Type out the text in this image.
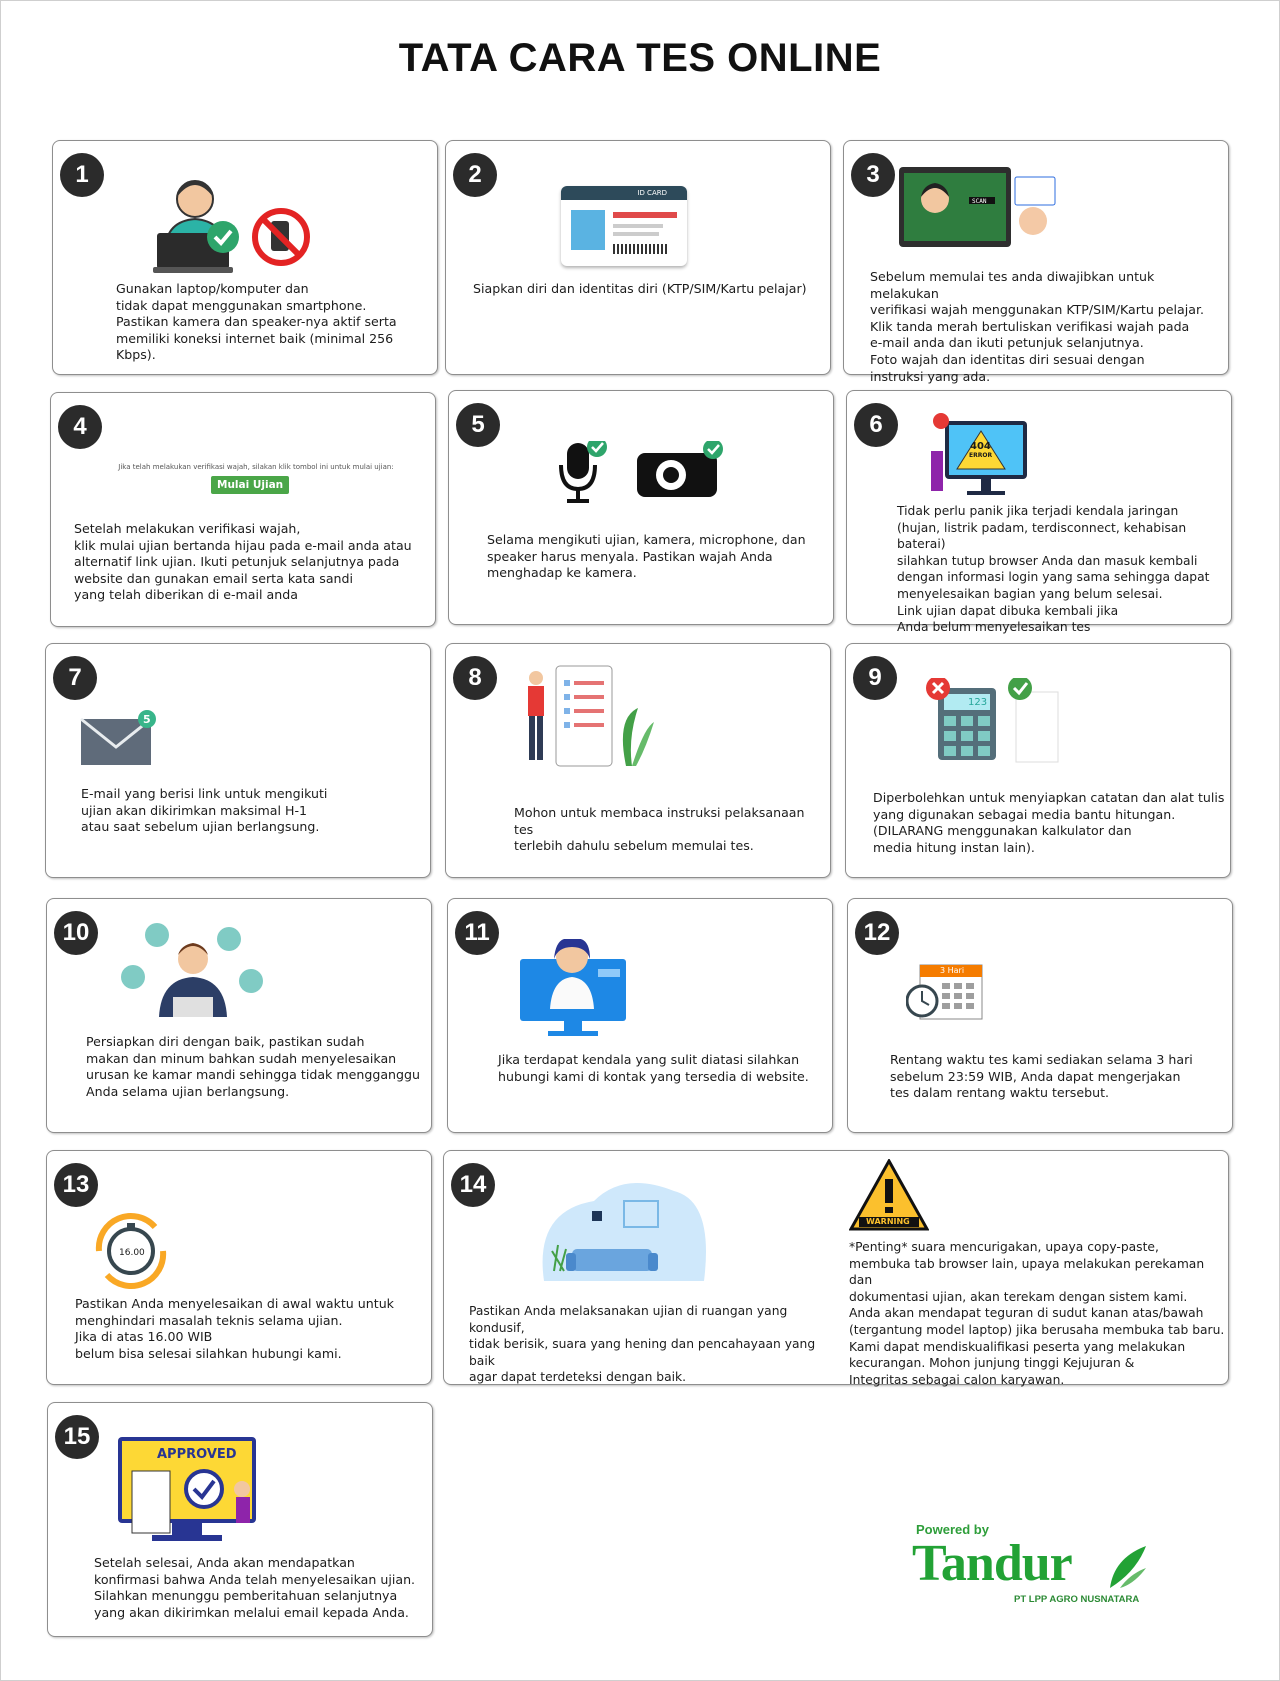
TATA CARA TES ONLINE
1
Gunakan laptop/komputer dan
tidak dapat menggunakan smartphone.
Pastikan kamera dan speaker-nya aktif serta
memiliki koneksi internet baik (minimal 256 Kbps).
2
ID CARD
Siapkan diri dan identitas diri (KTP/SIM/Kartu pelajar)
3
SCAN
Sebelum memulai tes anda diwajibkan untuk melakukan
verifikasi wajah menggunakan KTP/SIM/Kartu pelajar.
Klik tanda merah bertuliskan verifikasi wajah pada
e-mail anda dan ikuti petunjuk selanjutnya.
Foto wajah dan identitas diri sesuai dengan
instruksi yang ada.
4
Jika telah melakukan verifikasi wajah, silakan klik tombol ini untuk mulai ujian:
Mulai Ujian
Setelah melakukan verifikasi wajah,
klik mulai ujian bertanda hijau pada e-mail anda atau
alternatif link ujian. Ikuti petunjuk selanjutnya pada
website dan gunakan email serta kata sandi
yang telah diberikan di e-mail anda
5
Selama mengikuti ujian, kamera, microphone, dan
speaker harus menyala. Pastikan wajah Anda
menghadap ke kamera.
6
404
ERROR
Tidak perlu panik jika terjadi kendala jaringan
(hujan, listrik padam, terdisconnect, kehabisan baterai)
silahkan tutup browser Anda dan masuk kembali
dengan informasi login yang sama sehingga dapat
menyelesaikan bagian yang belum selesai.
Link ujian dapat dibuka kembali jika
Anda belum menyelesaikan tes
7
5
E-mail yang berisi link untuk mengikuti
ujian akan dikirimkan maksimal H-1
atau saat sebelum ujian berlangsung.
8
Mohon untuk membaca instruksi pelaksanaan tes
terlebih dahulu sebelum memulai tes.
9
123
Diperbolehkan untuk menyiapkan catatan dan alat tulis
yang digunakan sebagai media bantu hitungan.
(DILARANG menggunakan kalkulator dan
media hitung instan lain).
10
Persiapkan diri dengan baik, pastikan sudah
makan dan minum bahkan sudah menyelesaikan
urusan ke kamar mandi sehingga tidak mengganggu
Anda selama ujian berlangsung.
11
Jika terdapat kendala yang sulit diatasi silahkan
hubungi kami di kontak yang tersedia di website.
12
3 Hari
Rentang waktu tes kami sediakan selama 3 hari
sebelum 23:59 WIB, Anda dapat mengerjakan
tes dalam rentang waktu tersebut.
13
16.00
Pastikan Anda menyelesaikan di awal waktu untuk
menghindari masalah teknis selama ujian.
Jika di atas 16.00 WIB
belum bisa selesai silahkan hubungi kami.
14
WARNING
Pastikan Anda melaksanakan ujian di ruangan yang kondusif,
tidak berisik, suara yang hening dan pencahayaan yang baik
agar dapat terdeteksi dengan baik.
*Penting* suara mencurigakan, upaya copy-paste,
membuka tab browser lain, upaya melakukan perekaman dan
dokumentasi ujian, akan terekam dengan sistem kami.
Anda akan mendapat teguran di sudut kanan atas/bawah
(tergantung model laptop) jika berusaha membuka tab baru.
Kami dapat mendiskualifikasi peserta yang melakukan
kecurangan. Mohon junjung tinggi Kejujuran &
Integritas sebagai calon karyawan.
15
APPROVED
Setelah selesai, Anda akan mendapatkan
konfirmasi bahwa Anda telah menyelesaikan ujian.
Silahkan menunggu pemberitahuan selanjutnya
yang akan dikirimkan melalui email kepada Anda.
Powered by
Tandur
PT LPP AGRO NUSNATARA
